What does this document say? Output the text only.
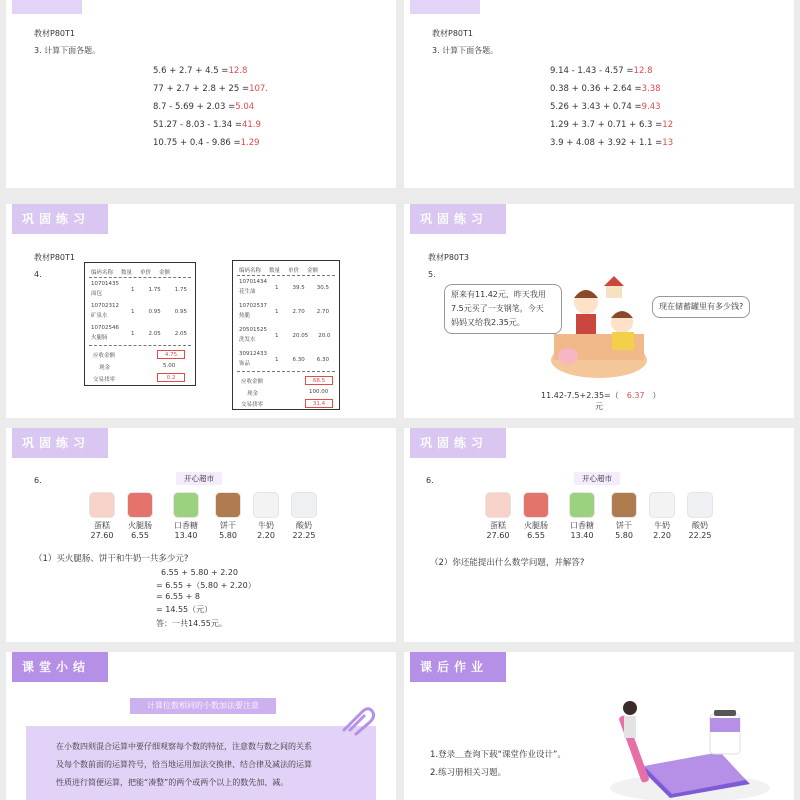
教材P80T1
3. 计算下面各题。
5.6 + 2.7 + 4.5 =12.8
77 + 2.7 + 2.8 + 25 =107.
8.7 - 5.69 + 2.03 =5.04
51.27 - 8.03 - 1.34 =41.9
10.75 + 0.4 - 9.86 =1.29
教材P80T1
3. 计算下面各题。
9.14 - 1.43 - 4.57 =12.8
0.38 + 0.36 + 2.64 =3.38
5.26 + 3.43 + 0.74 =9.43
1.29 + 3.7 + 0.71 + 6.3 =12
3.9 + 4.08 + 3.92 + 1.1 =13
巩固练习
教材P80T1
4.	编码名称 数量 单价 金额
10701435
面包
1	1.75	1.75
10702312
矿泉水
1	0.95	0.95
10702546
火腿肠
1	2.05	2.05
应收金额	4.75
现金	5.00
交易找零	0.2
编码名称 数量 单价 金额
10701434
花生油
1	39.5 30.5
10702537
热脆
1	2.70 2.70
20501525
洗发水
1	20.05 20.0
30912433
饰品
1	6.30 6.30
应收金额	68.5
现金	100.00
交易找零	31.4
巩固练习
教材P80T3
5.
原来有11.42元，昨天我用
7.5元买了一支钢笔，今天
妈妈又给我2.35元。
现在储蓄罐里有多少钱?
11.42-7.5+2.35=（ 6.37 ）
元
巩固练习
6.	开心超市
蛋糕
27.60
火腿肠
6.55
口香糖
13.40
饼干
5.80
牛奶
2.20
酸奶
22.25
（1）买火腿肠、饼干和牛奶一共多少元?
6.55 + 5.80 + 2.20
= 6.55 +（5.80 + 2.20）
= 6.55 + 8
= 14.55（元）
答：一共14.55元。
巩固练习
6.	开心超市
蛋糕
27.60
火腿肠
6.55
口香糖
13.40
饼干
5.80
牛奶
2.20
酸奶
22.25
（2）你还能提出什么数学问题，并解答?
课堂小结
计算位数相同的小数加法要注意
在小数四则混合运算中要仔细观察每个数的特征，注意数与数之间的关系
及每个数前面的运算符号，恰当地运用加法交换律、结合律及减法的运算
性质进行简便运算，把能“凑整”的两个或两个以上的数先加、减。
课后作业
1.登录＿查询下载“课堂作业设计”。
2.练习册相关习题。
